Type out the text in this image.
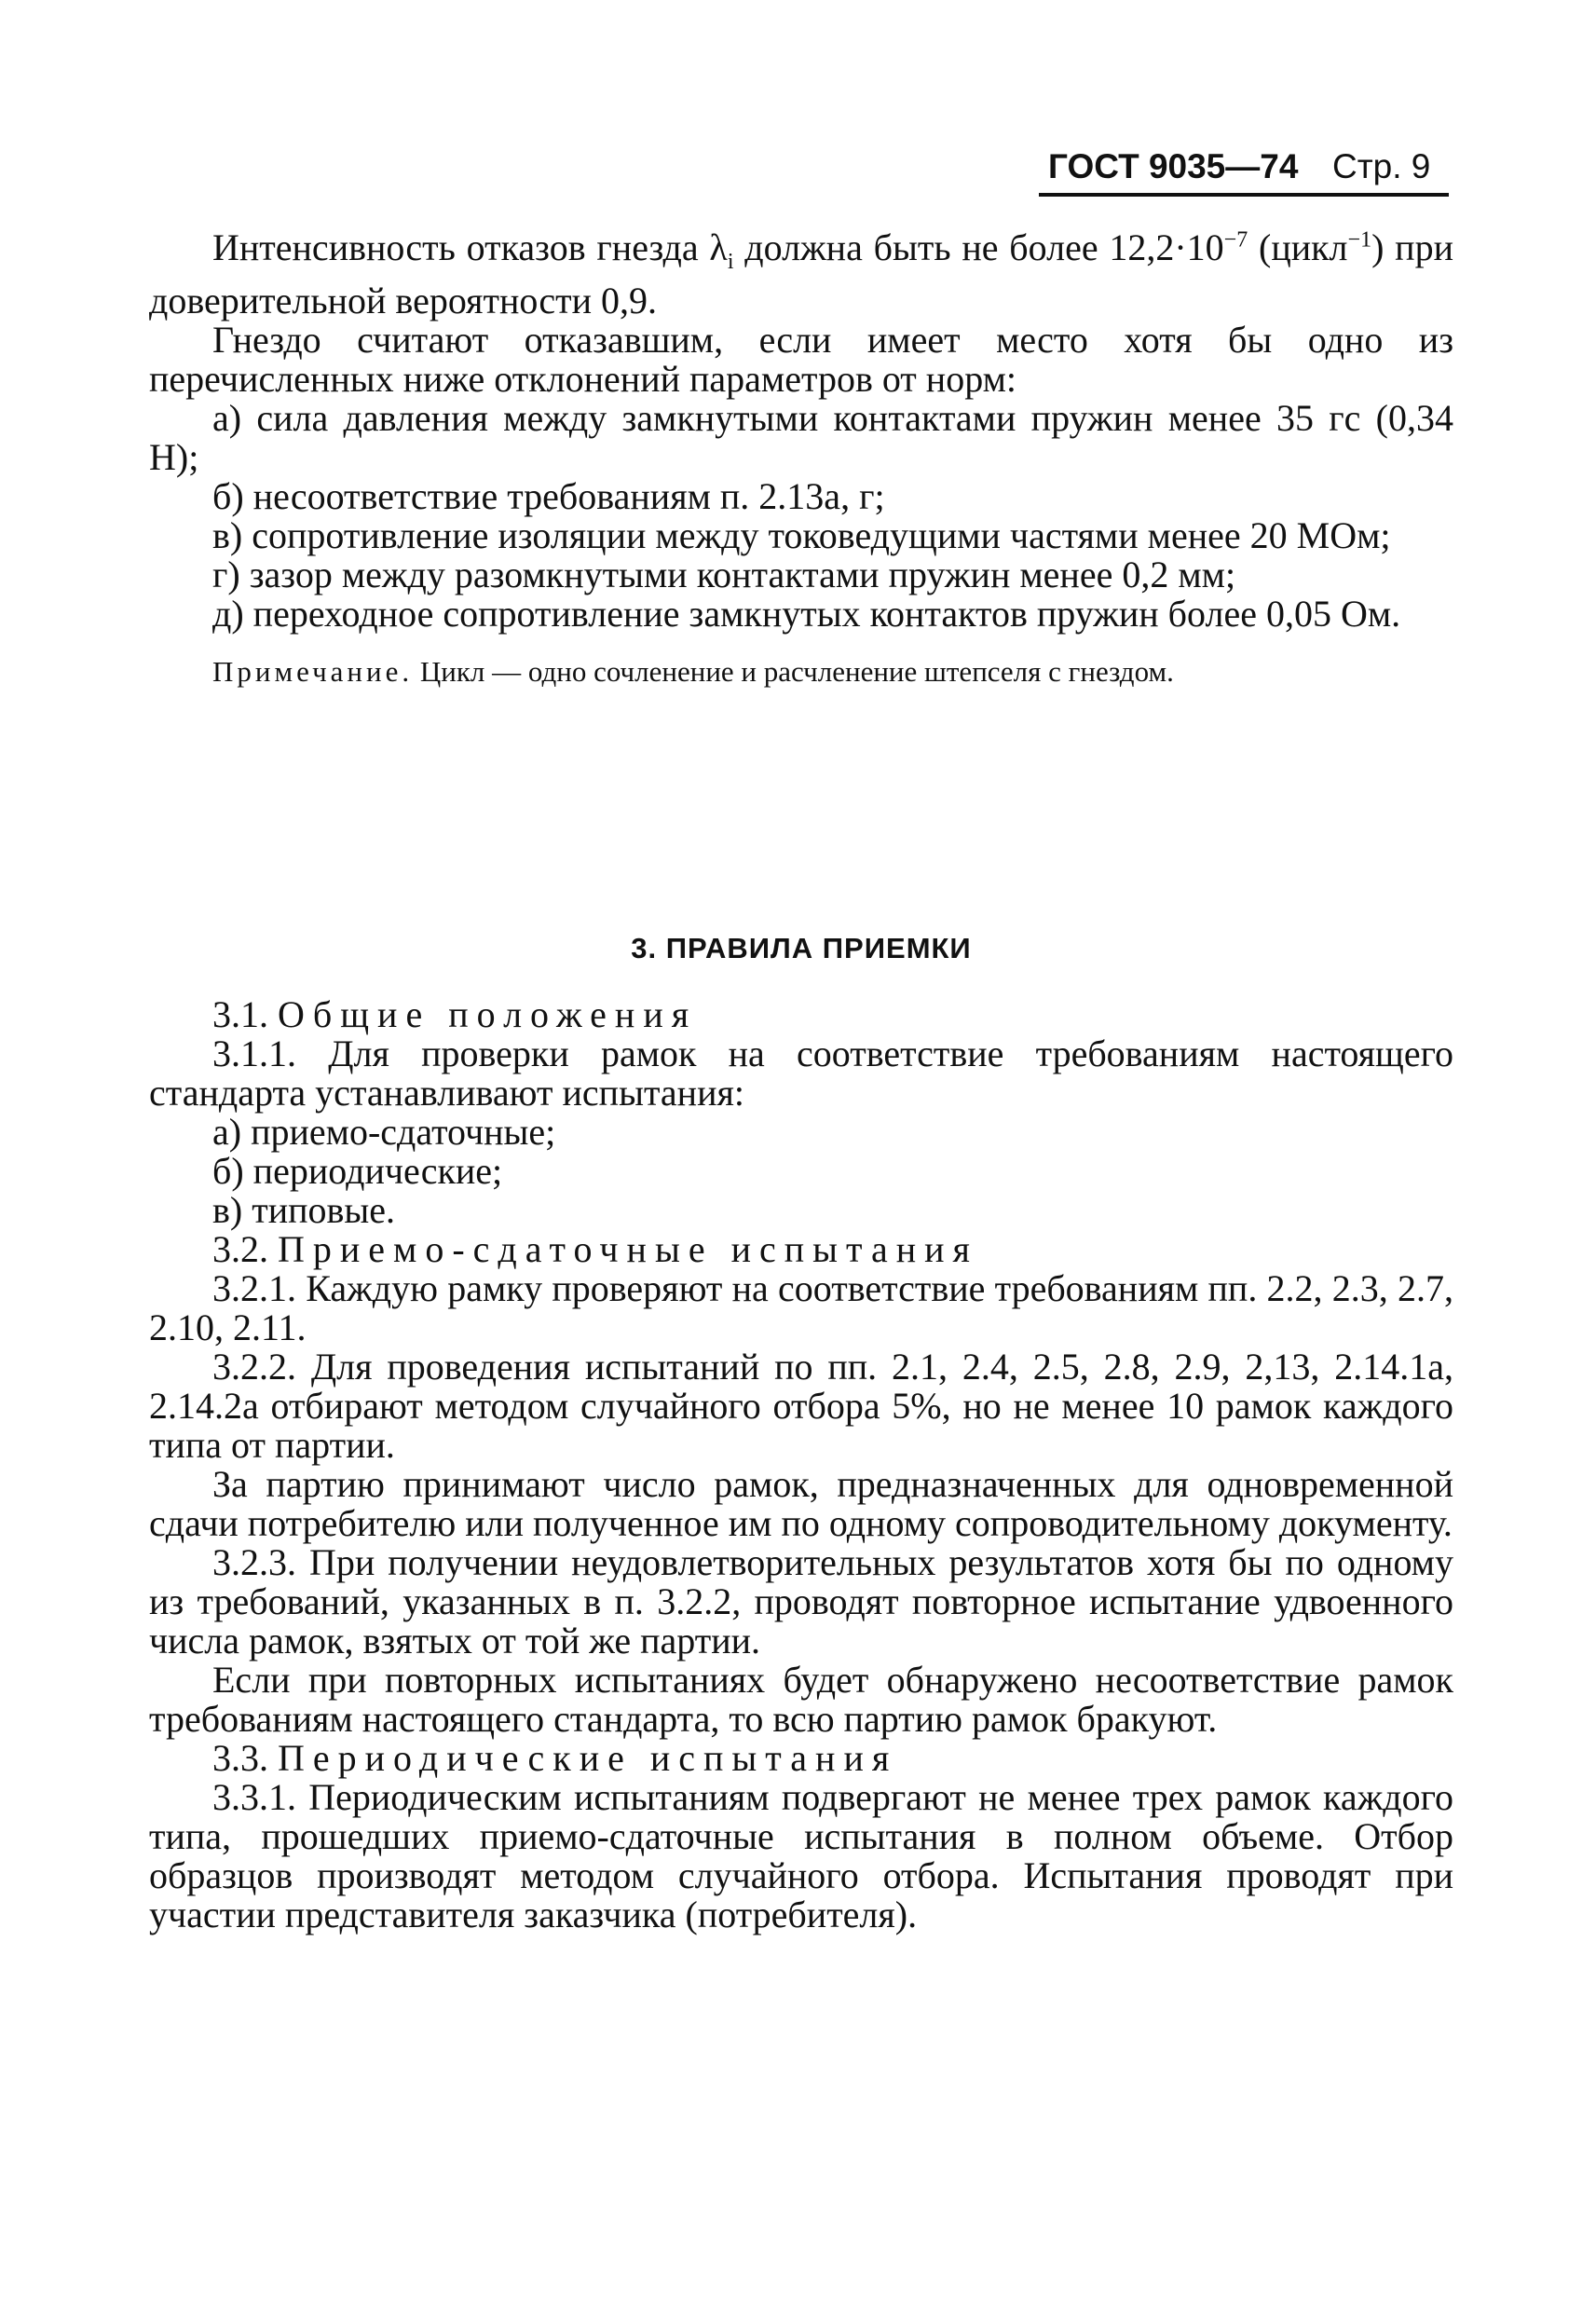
ГОСТ 9035—74 Стр. 9

Интенсивность отказов гнезда $\lambda_i$ должна быть не более $12,2\cdot 10^{-7}$ (цикл$^{-1}$) при доверительной вероятности 0,9.

Гнездо считают отказавшим, если имеет место хотя бы одно из перечисленных ниже отклонений параметров от норм:

а) сила давления между замкнутыми контактами пружин менее 35 гс (0,34 Н);

б) несоответствие требованиям п. 2.13а, г;

в) сопротивление изоляции между токоведущими частями менее 20 МОм;

г) зазор между разомкнутыми контактами пружин менее 0,2 мм;

д) переходное сопротивление замкнутых контактов пружин более 0,05 Ом.

Примечание. Цикл — одно сочленение и расчленение штепселя с гнездом.

3. ПРАВИЛА ПРИЕМКИ

3.1. Общие положения

3.1.1. Для проверки рамок на соответствие требованиям настоящего стандарта устанавливают испытания:

а) приемо-сдаточные;

б) периодические;

в) типовые.

3.2. Приемо-сдаточные испытания

3.2.1. Каждую рамку проверяют на соответствие требованиям пп. 2.2, 2.3, 2.7, 2.10, 2.11.

3.2.2. Для проведения испытаний по пп. 2.1, 2.4, 2.5, 2.8, 2.9, 2,13, 2.14.1а, 2.14.2а отбирают методом случайного отбора 5%, но не менее 10 рамок каждого типа от партии.

За партию принимают число рамок, предназначенных для одновременной сдачи потребителю или полученное им по одному сопроводительному документу.

3.2.3. При получении неудовлетворительных результатов хотя бы по одному из требований, указанных в п. 3.2.2, проводят повторное испытание удвоенного числа рамок, взятых от той же партии.

Если при повторных испытаниях будет обнаружено несоответствие рамок требованиям настоящего стандарта, то всю партию рамок бракуют.

3.3. Периодические испытания

3.3.1. Периодическим испытаниям подвергают не менее трех рамок каждого типа, прошедших приемо-сдаточные испытания в полном объеме. Отбор образцов производят методом случайного отбора. Испытания проводят при участии представителя заказчика (потребителя).
